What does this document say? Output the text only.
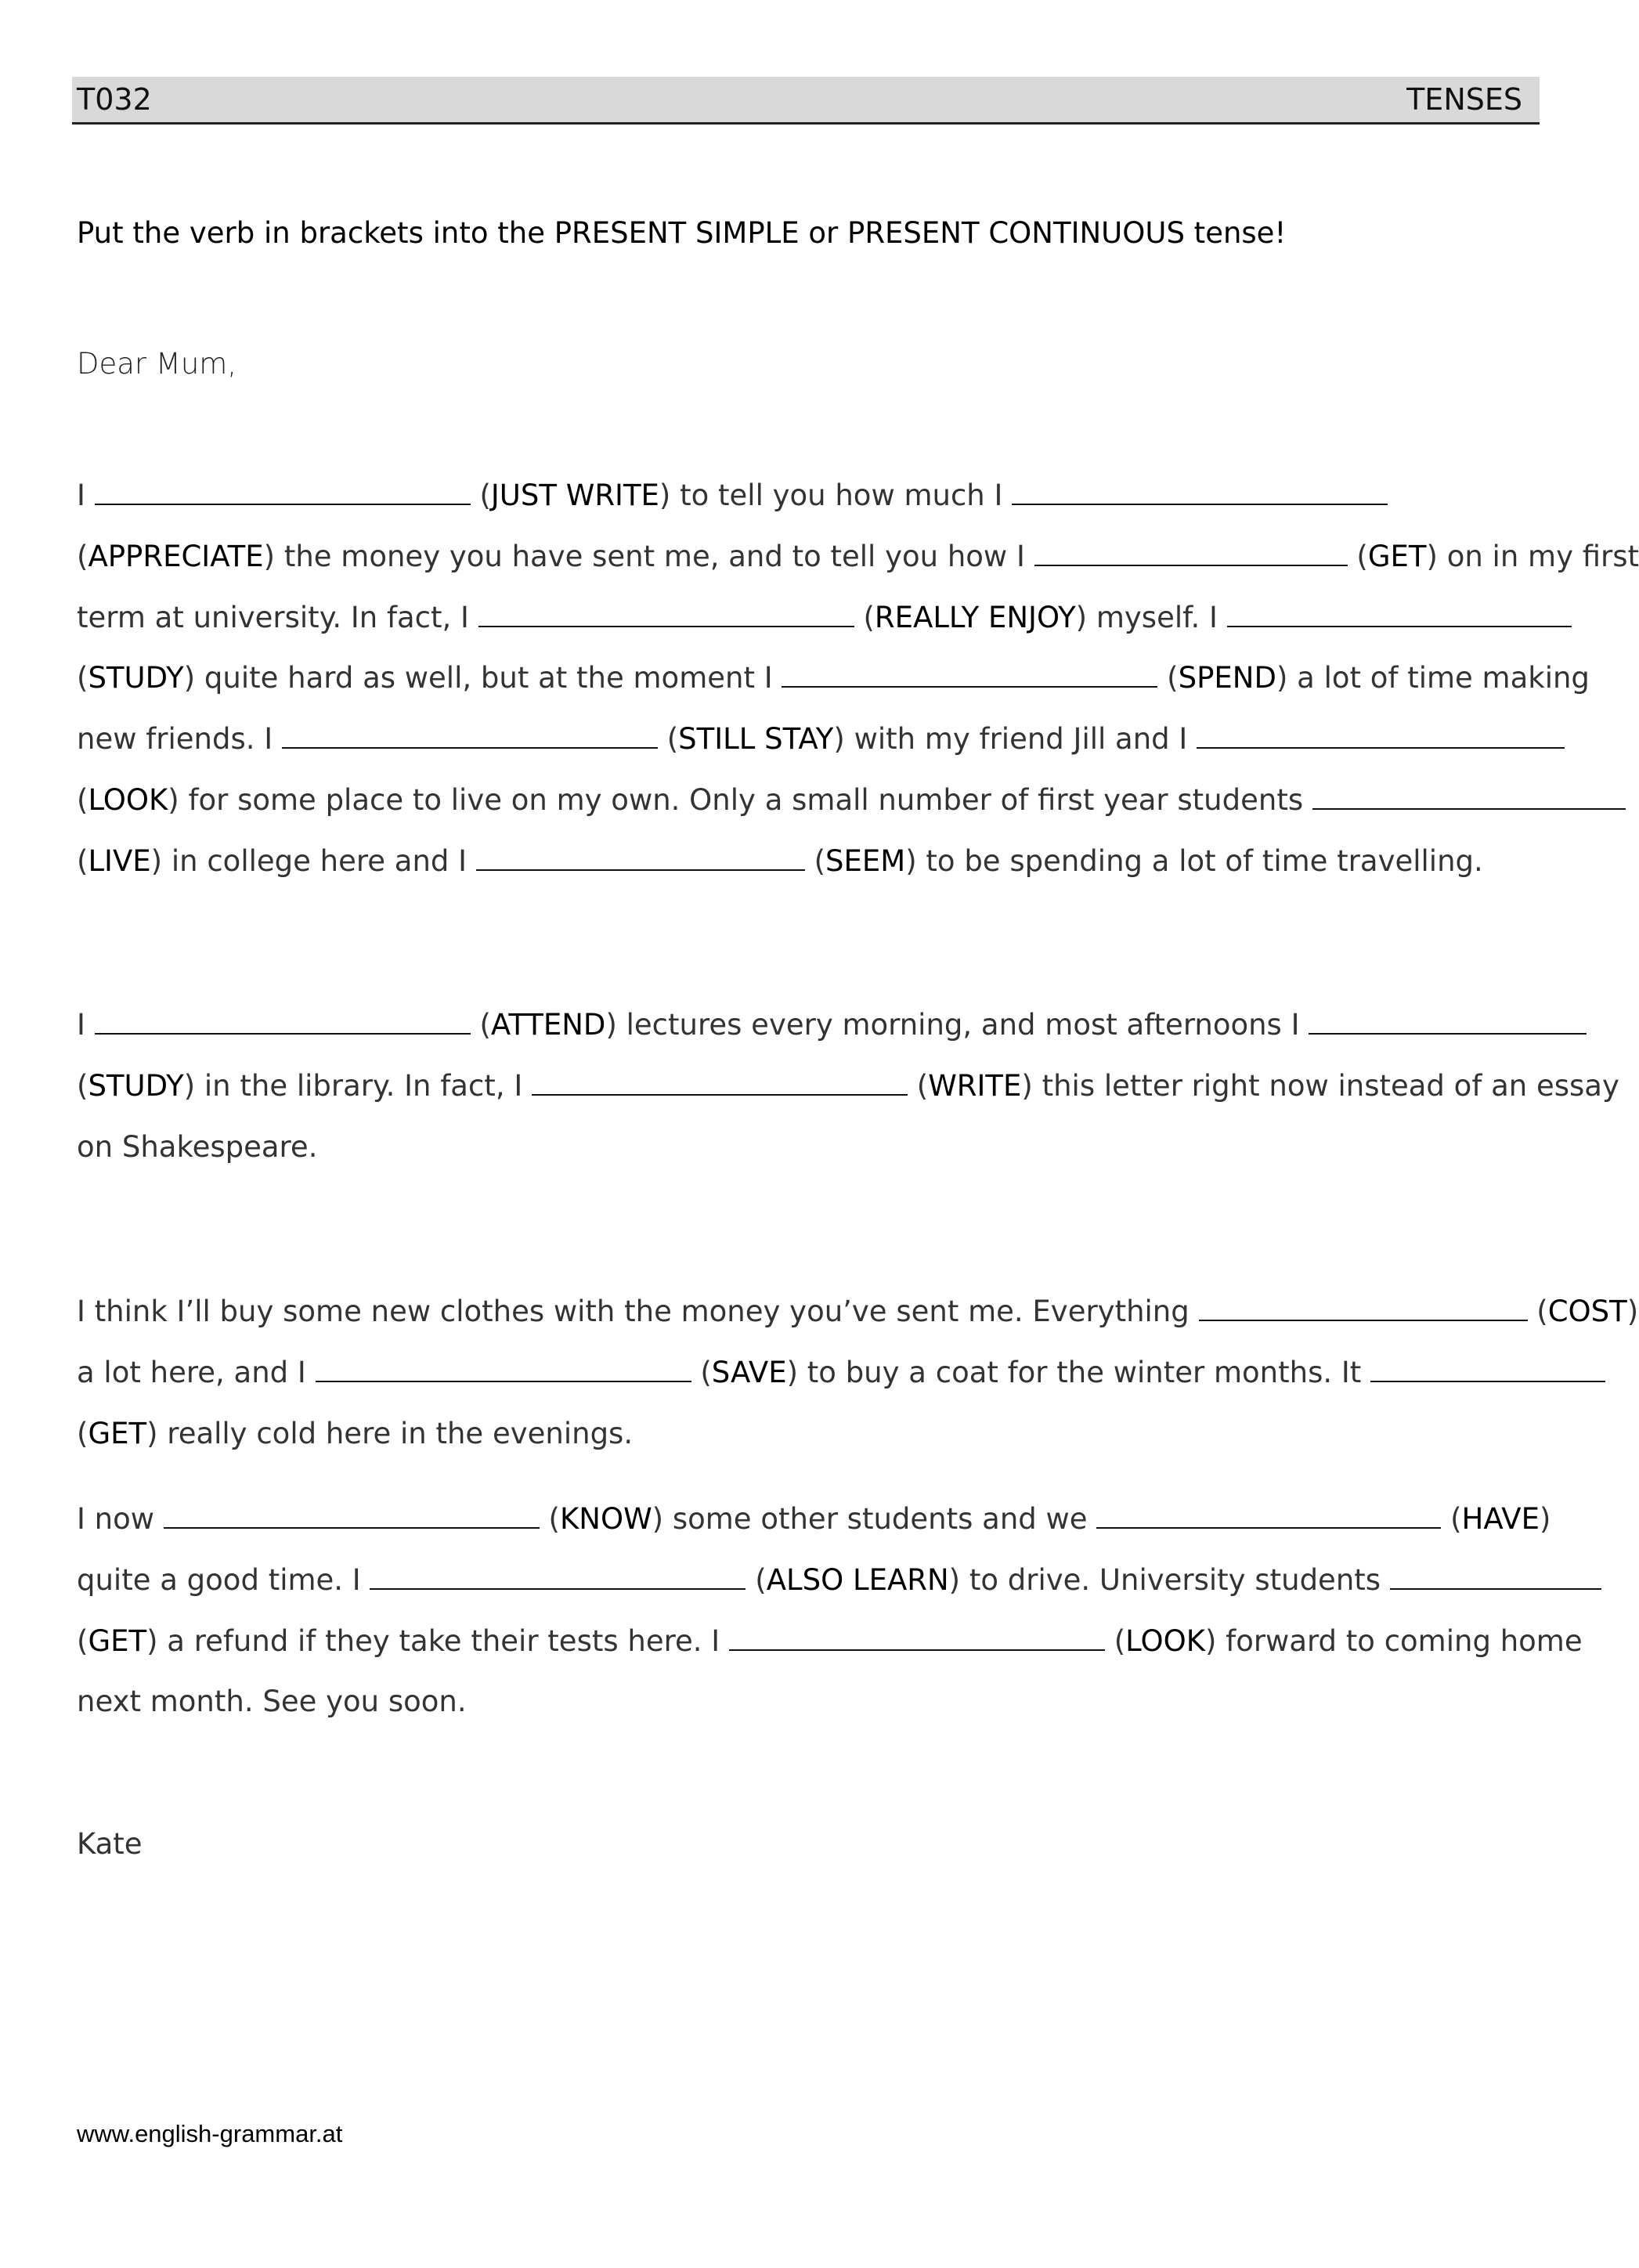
T032	TENSES
Put the verb in brackets into the PRESENT SIMPLE or PRESENT CONTINUOUS tense!
Dear Mum,
I	(JUST WRITE) to tell you how much I
(APPRECIATE) the money you have sent me, and to tell you how I	(GET) on in my first
term at university. In fact, I	(REALLY ENJOY) myself. I
(STUDY) quite hard as well, but at the moment I	(SPEND) a lot of time making
new friends. I	(STILL STAY) with my friend Jill and I
(LOOK) for some place to live on my own. Only a small number of first year students
(LIVE) in college here and I	(SEEM) to be spending a lot of time travelling.
I	(ATTEND) lectures every morning, and most afternoons I
(STUDY) in the library. In fact, I	(WRITE) this letter right now instead of an essay
on Shakespeare.
I think I’ll buy some new clothes with the money you’ve sent me. Everything	(COST)
a lot here, and I	(SAVE) to buy a coat for the winter months. It
(GET) really cold here in the evenings.
I now	(KNOW) some other students and we	(HAVE)
quite a good time. I	(ALSO LEARN) to drive. University students
(GET) a refund if they take their tests here. I	(LOOK) forward to coming home
next month. See you soon.
Kate
www.english-grammar.at
